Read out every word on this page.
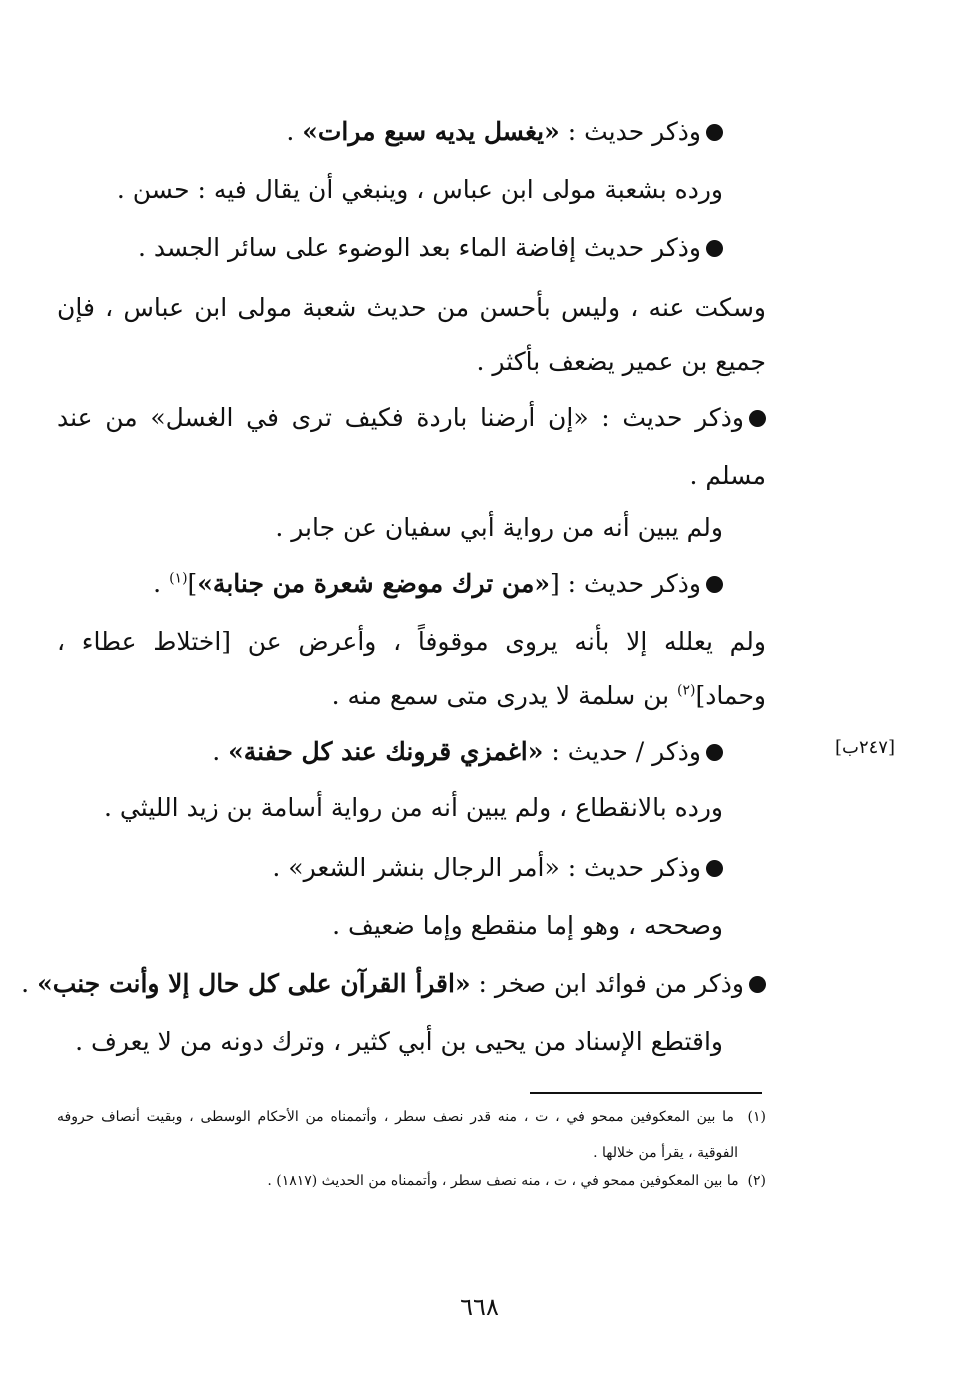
وذكر حديث : «يغسل يديه سبع مرات» .
ورده بشعبة مولى ابن عباس ، وينبغي أن يقال فيه : حسن .
وذكر حديث إفاضة الماء بعد الوضوء على سائر الجسد .
وسكت عنه ، وليس بأحسن من حديث شعبة مولى ابن عباس ، فإن
جميع بن عمير يضعف بأكثر .
وذكر حديث : «إن أرضنا باردة فكيف ترى في الغسل» من عند
مسلم .
ولم يبين أنه من رواية أبي سفيان عن جابر .
وذكر حديث : [«من ترك موضع شعرة من جنابة»]$^{(١)}$ .
ولم يعلله إلا بأنه يروى موقوفاً ، وأعرض عن [اختلاط عطاء ،
وحماد]$^{(٢)}$ بن سلمة لا يدرى متى سمع منه .
وذكر / حديث : «اغمزي قرونك عند كل حفنة» .	[٢٤٧ب]
ورده بالانقطاع ، ولم يبين أنه من رواية أسامة بن زيد الليثي .
وذكر حديث : «أمر الرجال بنشر الشعر» .
وصححه ، وهو إما منقطع وإما ضعيف .
وذكر من فوائد ابن صخر : «اقرأ القرآن على كل حال إلا وأنت جنب» .
واقتطع الإسناد من يحيى بن أبي كثير ، وترك دونه من لا يعرف .
(١)  ما بين المعكوفين ممحو في ، ت ، منه قدر نصف سطر ، وأتممناه من الأحكام الوسطى ، وبقيت أنصاف حروفه
الفوقية ، يقرأ من خلالها .
(٢)  ما بين المعكوفين ممحو في ، ت ، منه نصف سطر ، وأتممناه من الحديث (١٨١٧) .
٦٦٨
